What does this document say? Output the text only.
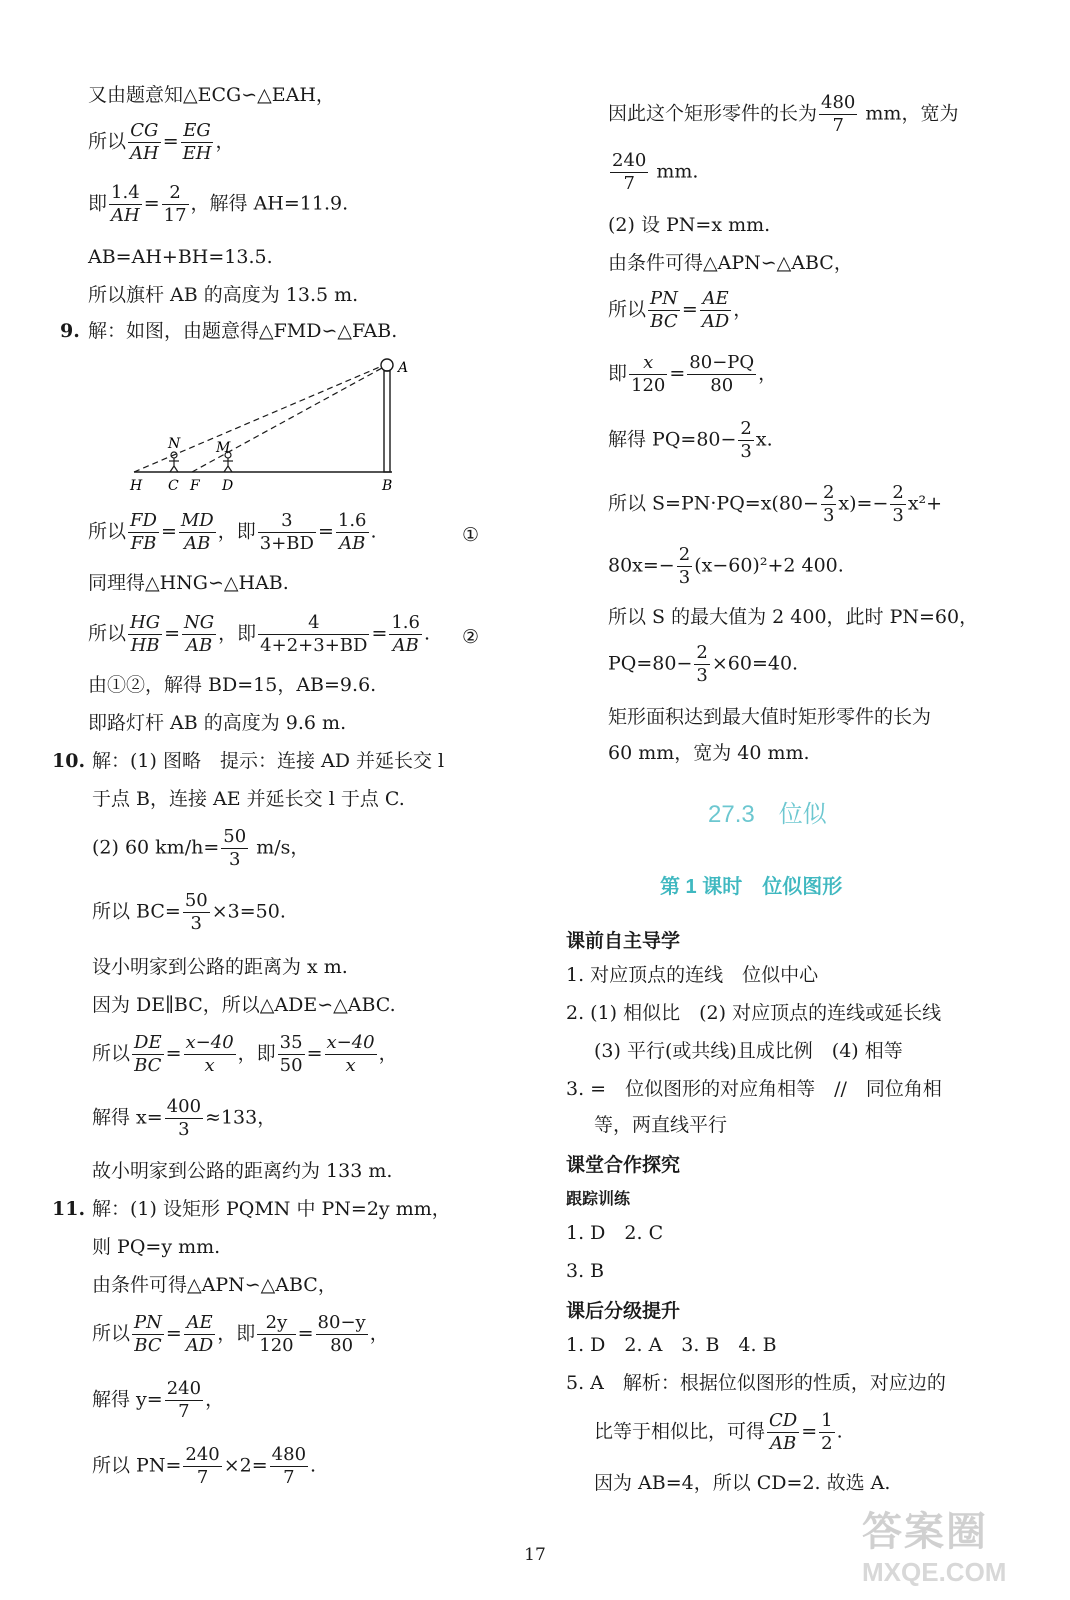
又由题意知△ECG∽△EAH，
所以 $\frac{CG}{AH} = \frac{EG}{EH}$ ，
即 $\frac{1.4}{AH} = \frac{2}{17}$ ，解得 AH=11.9.
AB=AH+BH=13.5.
所以旗杆 AB 的高度为 13.5 m.
9. 解：如图，由题意得△FMD∽△FAB.
A
N	M
H C F D	B
所以 $\frac{FD}{FB} = \frac{MD}{AB}$ ，即 $\frac{3}{3+BD} = \frac{1.6}{AB}$ .	①
同理得△HNG∽△HAB.
所以 $\frac{HG}{HB} = \frac{NG}{AB}$ ，即 $\frac{4}{4+2+3+BD} = \frac{1.6}{AB}$ . ②
由①②，解得 BD=15，AB=9.6.
即路灯杆 AB 的高度为 9.6 m.
10. 解：(1) 图略　提示：连接 AD 并延长交 l
于点 B，连接 AE 并延长交 l 于点 C.
(2) 60 $km/h= \frac{50}{3} m/s$，
所以 $BC= \frac{50}{3} \times 3=50$.
设小明家到公路的距离为 x m.
因为 DE∥BC，所以△ADE∽△ABC.
所以 $\frac{DE}{BC} = \frac{x-40}{x}$ ，即 $\frac{35}{50} = \frac{x-40}{x}$ ，
解得 $x= \frac{400}{3} \approx 133$，
故小明家到公路的距离约为 133 m.
11. 解：(1) 设矩形 PQMN 中 PN=2y mm，
则 PQ=y mm.
由条件可得△APN∽△ABC，
所以 $\frac{PN}{BC} = \frac{AE}{AD}$ ，即 $\frac{2y}{120} = \frac{80-y}{80}$ ，
解得 $y= \frac{240}{7}$ ，
所以 $PN= \frac{240}{7} \times 2= \frac{480}{7}$ .
因此这个矩形零件的长为 $\frac{480}{7}$ mm，宽为
$\frac{240}{7}$ mm.
(2) 设 PN=x mm.
由条件可得△APN∽△ABC，
所以 $\frac{PN}{BC} = \frac{AE}{AD}$ ，
即 $\frac{x}{120} = \frac{80-PQ}{80}$ ，
解得 $PQ=80- \frac{2}{3} x$.
所以 $S=PN\cdot PQ=x(80- \frac{2}{3} x)=- \frac{2}{3} x^2+$
$80x=- \frac{2}{3} (x-60)^2+2$ 400.
所以 S 的最大值为 2 400，此时 PN=60，
$PQ=80- \frac{2}{3} \times 60=40$.
矩形面积达到最大值时矩形零件的长为
60 mm，宽为 40 mm.
27.3　位似
第 1 课时　位似图形
课前自主导学
1. 对应顶点的连线　位似中心
2. (1) 相似比　(2) 对应顶点的连线或延长线
(3) 平行(或共线)且成比例　(4) 相等
3. =　位似图形的对应角相等　//　同位角相
等，两直线平行
课堂合作探究
跟踪训练
1. D　2. C
3. B
课后分级提升
1. D　2. A　3. B　4. B
5. A　解析：根据位似图形的性质，对应边的
比等于相似比，可得 $\frac{CD}{AB} = \frac{1}{2}$ .
因为 AB=4，所以 CD=2. 故选 A.
17
答案圈
MXQE.COM
